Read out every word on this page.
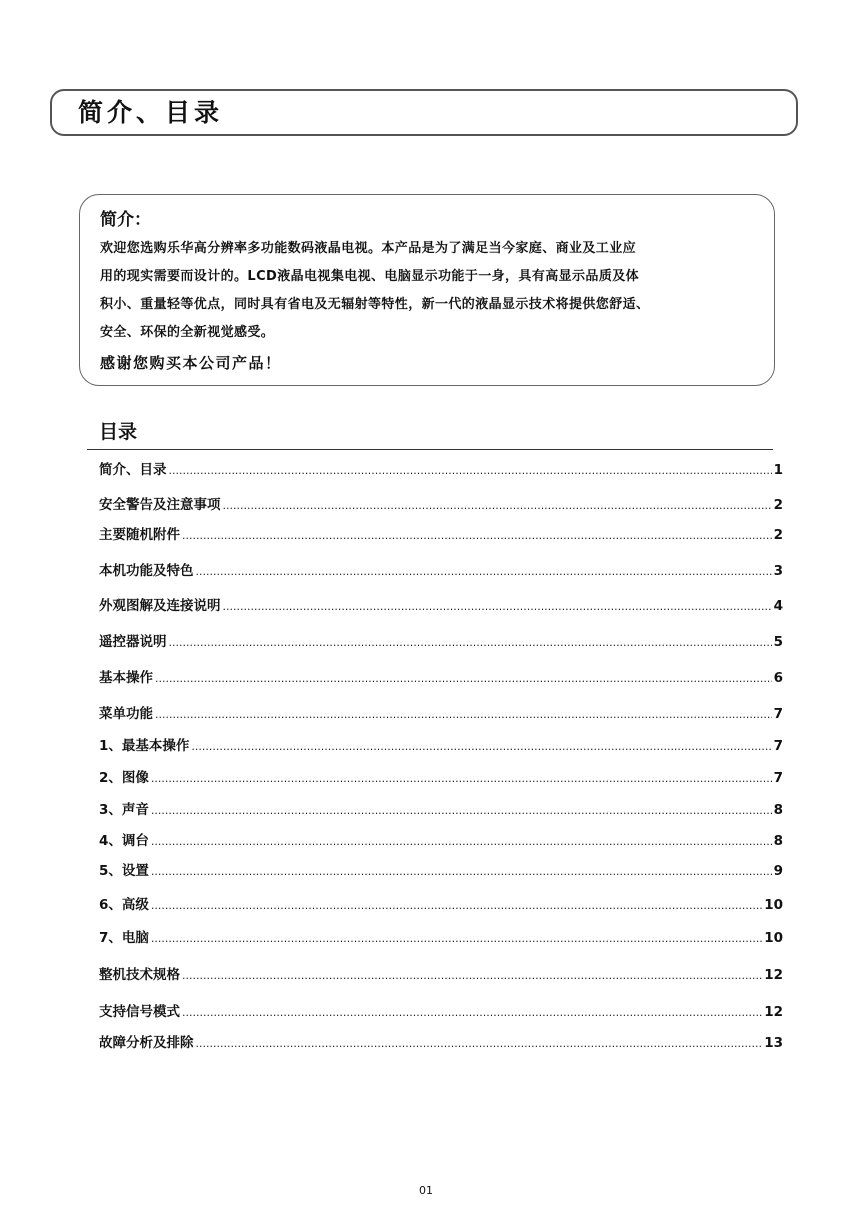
简介、目录
简介：
欢迎您选购乐华高分辨率多功能数码液晶电视。本产品是为了满足当今家庭、商业及工业应
用的现实需要而设计的。LCD液晶电视集电视、电脑显示功能于一身，具有高显示品质及体
积小、重量轻等优点，同时具有省电及无辐射等特性，新一代的液晶显示技术将提供您舒适、
安全、环保的全新视觉感受。
感谢您购买本公司产品！
目录
简介、目录 .....	1
安全警告及注意事项 .....	2
主要随机附件 .....	2
本机功能及特色 .....	3
外观图解及连接说明 .....	4
遥控器说明 .....	5
基本操作 .....	6
菜单功能 .....	7
1、最基本操作 .....	7
2、图像 .....	7
3、声音 .....	8
4、调台 .....	8
5、设置 .....	9
6、高级 .....	10
7、电脑 .....	10
整机技术规格 .....	12
支持信号模式 .....	12
故障分析及排除 .....	13
01
